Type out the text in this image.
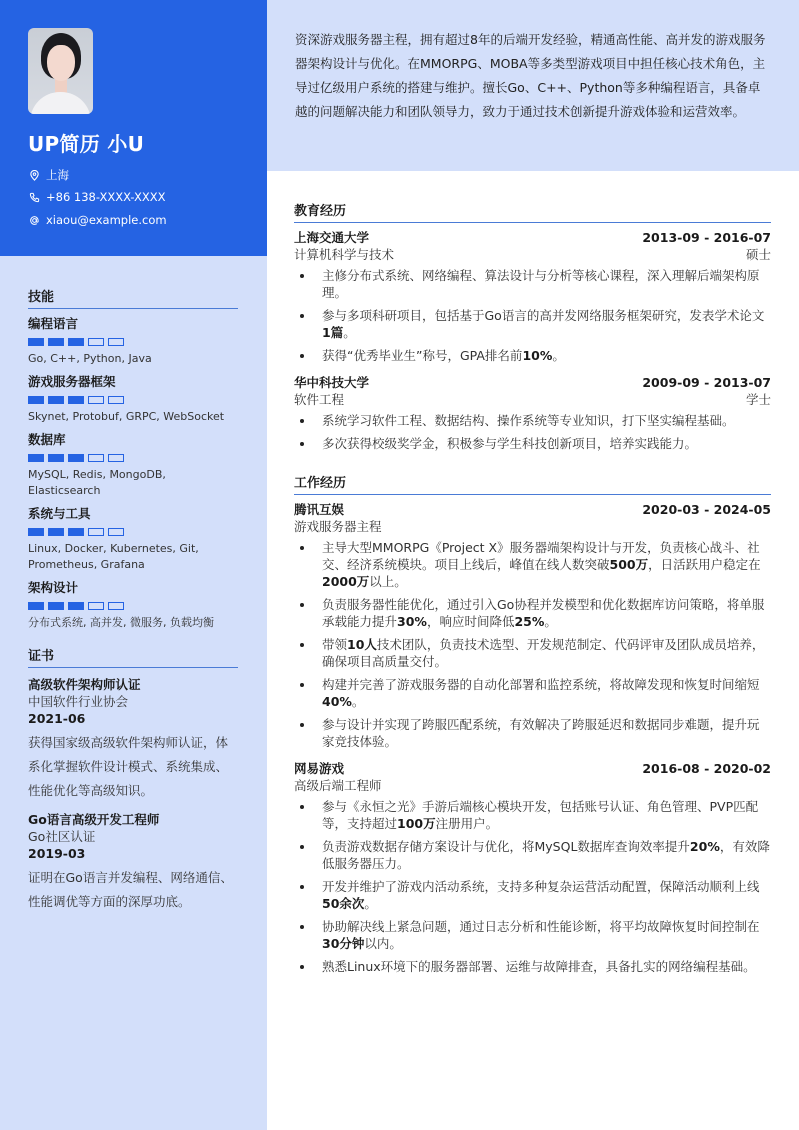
UP简历 小U
上海
+86 138-XXXX-XXXX
xiaou@example.com
技能
编程语言
Go, C++, Python, Java
游戏服务器框架
Skynet, Protobuf, GRPC, WebSocket
数据库
MySQL, Redis, MongoDB, Elasticsearch
系统与工具
Linux, Docker, Kubernetes, Git, Prometheus, Grafana
架构设计
分布式系统, 高并发, 微服务, 负载均衡
证书
高级软件架构师认证
中国软件行业协会
2021-06
获得国家级高级软件架构师认证，体系化掌握软件设计模式、系统集成、性能优化等高级知识。
Go语言高级开发工程师
Go社区认证
2019-03
证明在Go语言并发编程、网络通信、性能调优等方面的深厚功底。
资深游戏服务器主程，拥有超过8年的后端开发经验，精通高性能、高并发的游戏服务器架构设计与优化。在MMORPG、MOBA等多类型游戏项目中担任核心技术角色，主导过亿级用户系统的搭建与维护。擅长Go、C++、Python等多种编程语言，具备卓越的问题解决能力和团队领导力，致力于通过技术创新提升游戏体验和运营效率。
教育经历
上海交通大学	2013-09 - 2016-07
计算机科学与技术	硕士
主修分布式系统、网络编程、算法设计与分析等核心课程，深入理解后端架构原理。
参与多项科研项目，包括基于Go语言的高并发网络服务框架研究，发表学术论文1篇。
获得“优秀毕业生”称号，GPA排名前10%。
华中科技大学	2009-09 - 2013-07
软件工程	学士
系统学习软件工程、数据结构、操作系统等专业知识，打下坚实编程基础。
多次获得校级奖学金，积极参与学生科技创新项目，培养实践能力。
工作经历
腾讯互娱	2020-03 - 2024-05
游戏服务器主程
主导大型MMORPG《Project X》服务器端架构设计与开发，负责核心战斗、社交、经济系统模块。项目上线后，峰值在线人数突破500万，日活跃用户稳定在2000万以上。
负责服务器性能优化，通过引入Go协程并发模型和优化数据库访问策略，将单服承载能力提升30%，响应时间降低25%。
带领10人技术团队，负责技术选型、开发规范制定、代码评审及团队成员培养，确保项目高质量交付。
构建并完善了游戏服务器的自动化部署和监控系统，将故障发现和恢复时间缩短40%。
参与设计并实现了跨服匹配系统，有效解决了跨服延迟和数据同步难题，提升玩家竞技体验。
网易游戏	2016-08 - 2020-02
高级后端工程师
参与《永恒之光》手游后端核心模块开发，包括账号认证、角色管理、PVP匹配等，支持超过100万注册用户。
负责游戏数据存储方案设计与优化，将MySQL数据库查询效率提升20%，有效降低服务器压力。
开发并维护了游戏内活动系统，支持多种复杂运营活动配置，保障活动顺利上线50余次。
协助解决线上紧急问题，通过日志分析和性能诊断，将平均故障恢复时间控制在30分钟以内。
熟悉Linux环境下的服务器部署、运维与故障排查，具备扎实的网络编程基础。
